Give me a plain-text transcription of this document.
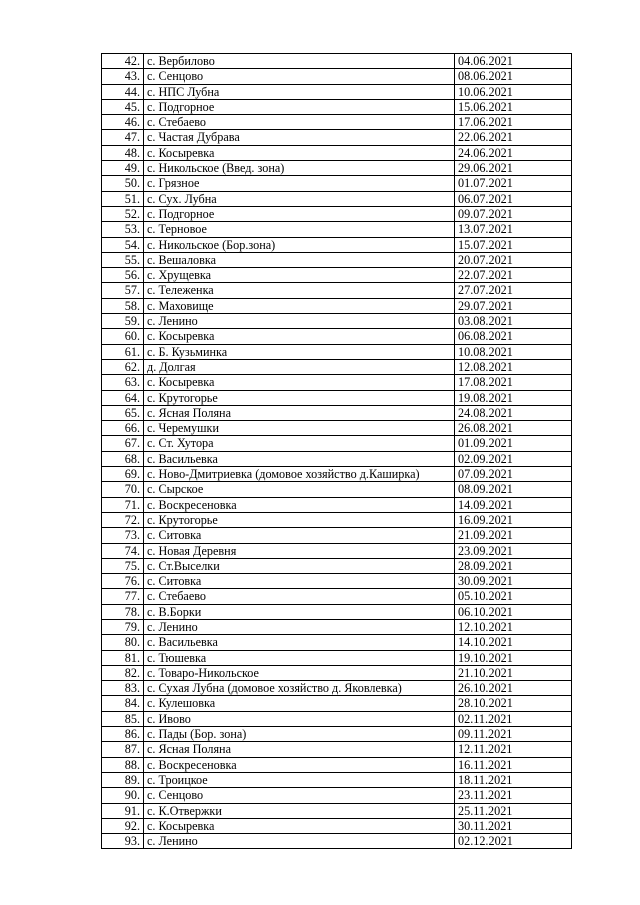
42.	с. Вербилово	04.06.2021
43.	с. Сенцово	08.06.2021
44.	с. НПС Лубна	10.06.2021
45.	с. Подгорное	15.06.2021
46.	с. Стебаево	17.06.2021
47.	с. Частая Дубрава	22.06.2021
48.	с. Косыревка	24.06.2021
49.	с. Никольское (Введ. зона)	29.06.2021
50.	с. Грязное	01.07.2021
51.	с. Сух. Лубна	06.07.2021
52.	с. Подгорное	09.07.2021
53.	с. Терновое	13.07.2021
54.	с. Никольское (Бор.зона)	15.07.2021
55.	с. Вешаловка	20.07.2021
56.	с. Хрущевка	22.07.2021
57.	с. Тележенка	27.07.2021
58.	с. Маховище	29.07.2021
59.	с. Ленино	03.08.2021
60.	с. Косыревка	06.08.2021
61.	с. Б. Кузьминка	10.08.2021
62.	д. Долгая	12.08.2021
63.	с. Косыревка	17.08.2021
64.	с. Крутогорье	19.08.2021
65.	с. Ясная Поляна	24.08.2021
66.	с. Черемушки	26.08.2021
67.	с. Ст. Хутора	01.09.2021
68.	с. Васильевка	02.09.2021
69.	с. Ново-Дмитриевка (домовое хозяйство д.Каширка)	07.09.2021
70.	с. Сырское	08.09.2021
71.	с. Воскресеновка	14.09.2021
72.	с. Крутогорье	16.09.2021
73.	с. Ситовка	21.09.2021
74.	с. Новая Деревня	23.09.2021
75.	с. Ст.Выселки	28.09.2021
76.	с. Ситовка	30.09.2021
77.	с. Стебаево	05.10.2021
78.	с. В.Борки	06.10.2021
79.	с. Ленино	12.10.2021
80.	с. Васильевка	14.10.2021
81.	с. Тюшевка	19.10.2021
82.	с. Товаро-Никольское	21.10.2021
83.	с. Сухая Лубна (домовое хозяйство д. Яковлевка)	26.10.2021
84.	с. Кулешовка	28.10.2021
85.	с. Ивово	02.11.2021
86.	с. Пады (Бор. зона)	09.11.2021
87.	с. Ясная Поляна	12.11.2021
88.	с. Воскресеновка	16.11.2021
89.	с. Троицкое	18.11.2021
90.	с. Сенцово	23.11.2021
91.	с. К.Отвержки	25.11.2021
92.	с. Косыревка	30.11.2021
93.	с. Ленино	02.12.2021
